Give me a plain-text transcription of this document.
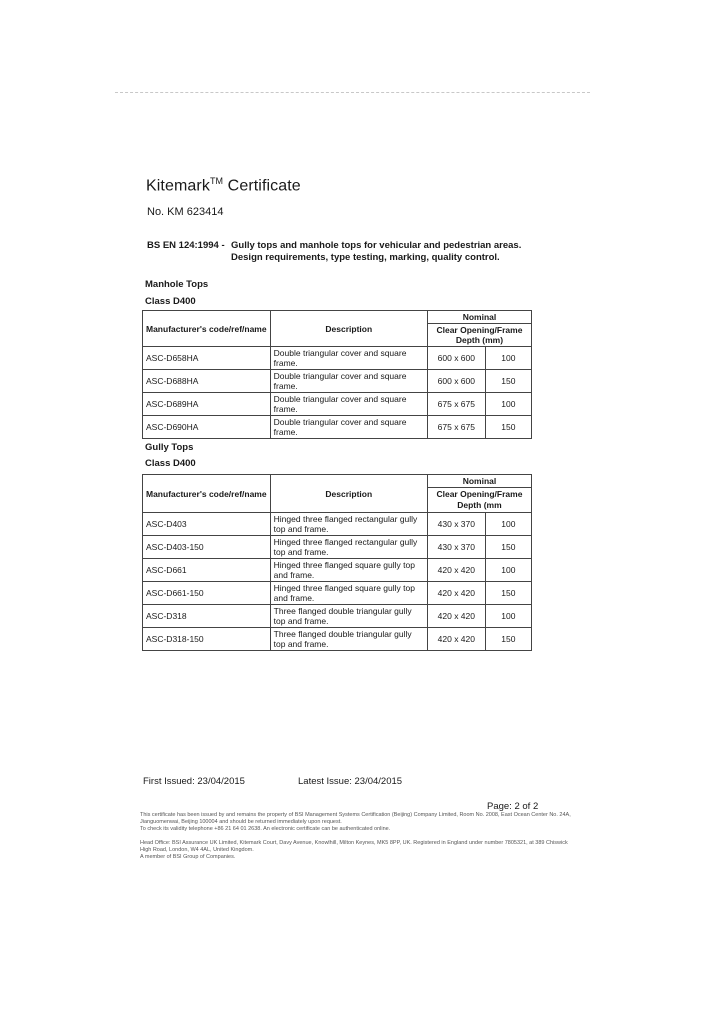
Kitemark™ Certificate
No. KM 623414
BS EN 124:1994 - Gully tops and manhole tops for vehicular and pedestrian areas.
Design requirements, type testing, marking, quality control.
Manhole Tops
Class D400
Manufacturer's code/ref/name	Description	Nominal	
		Clear Opening/Frame
Depth (mm)	
ASC-D658HA	Double triangular cover and square frame.	600 x 600	100
ASC-D688HA	Double triangular cover and square frame.	600 x 600	150
ASC-D689HA	Double triangular cover and square frame.	675 x 675	100
ASC-D690HA	Double triangular cover and square frame.	675 x 675	150
Gully Tops
Class D400
Manufacturer's code/ref/name	Description	Nominal	
		Clear Opening/Frame
Depth (mm	
ASC-D403	Hinged three flanged rectangular gully top and frame.	430 x 370	100
ASC-D403-150	Hinged three flanged rectangular gully top and frame.	430 x 370	150
ASC-D661	Hinged three flanged square gully top and frame.	420 x 420	100
ASC-D661-150	Hinged three flanged square gully top and frame.	420 x 420	150
ASC-D318	Three flanged double triangular gully top and frame.	420 x 420	100
ASC-D318-150	Three flanged double triangular gully top and frame.	420 x 420	150
First Issued: 23/04/2015	Latest Issue: 23/04/2015
Page: 2 of 2
This certificate has been issued by and remains the property of BSI Management Systems Certification (Beijing) Company Limited, Room No. 2008, East Ocean Center No. 24A, Jianguomenwai, Beijing 100004 and should be returned immediately upon request.
To check its validity telephone +86 21 64 01 2638. An electronic certificate can be authenticated online.
Head Office: BSI Assurance UK Limited, Kitemark Court, Davy Avenue, Knowlhill, Milton Keynes, MK5 8PP, UK. Registered in England under number 7805321, at 389 Chiswick High Road, London, W4 4AL, United Kingdom.
A member of BSI Group of Companies.
